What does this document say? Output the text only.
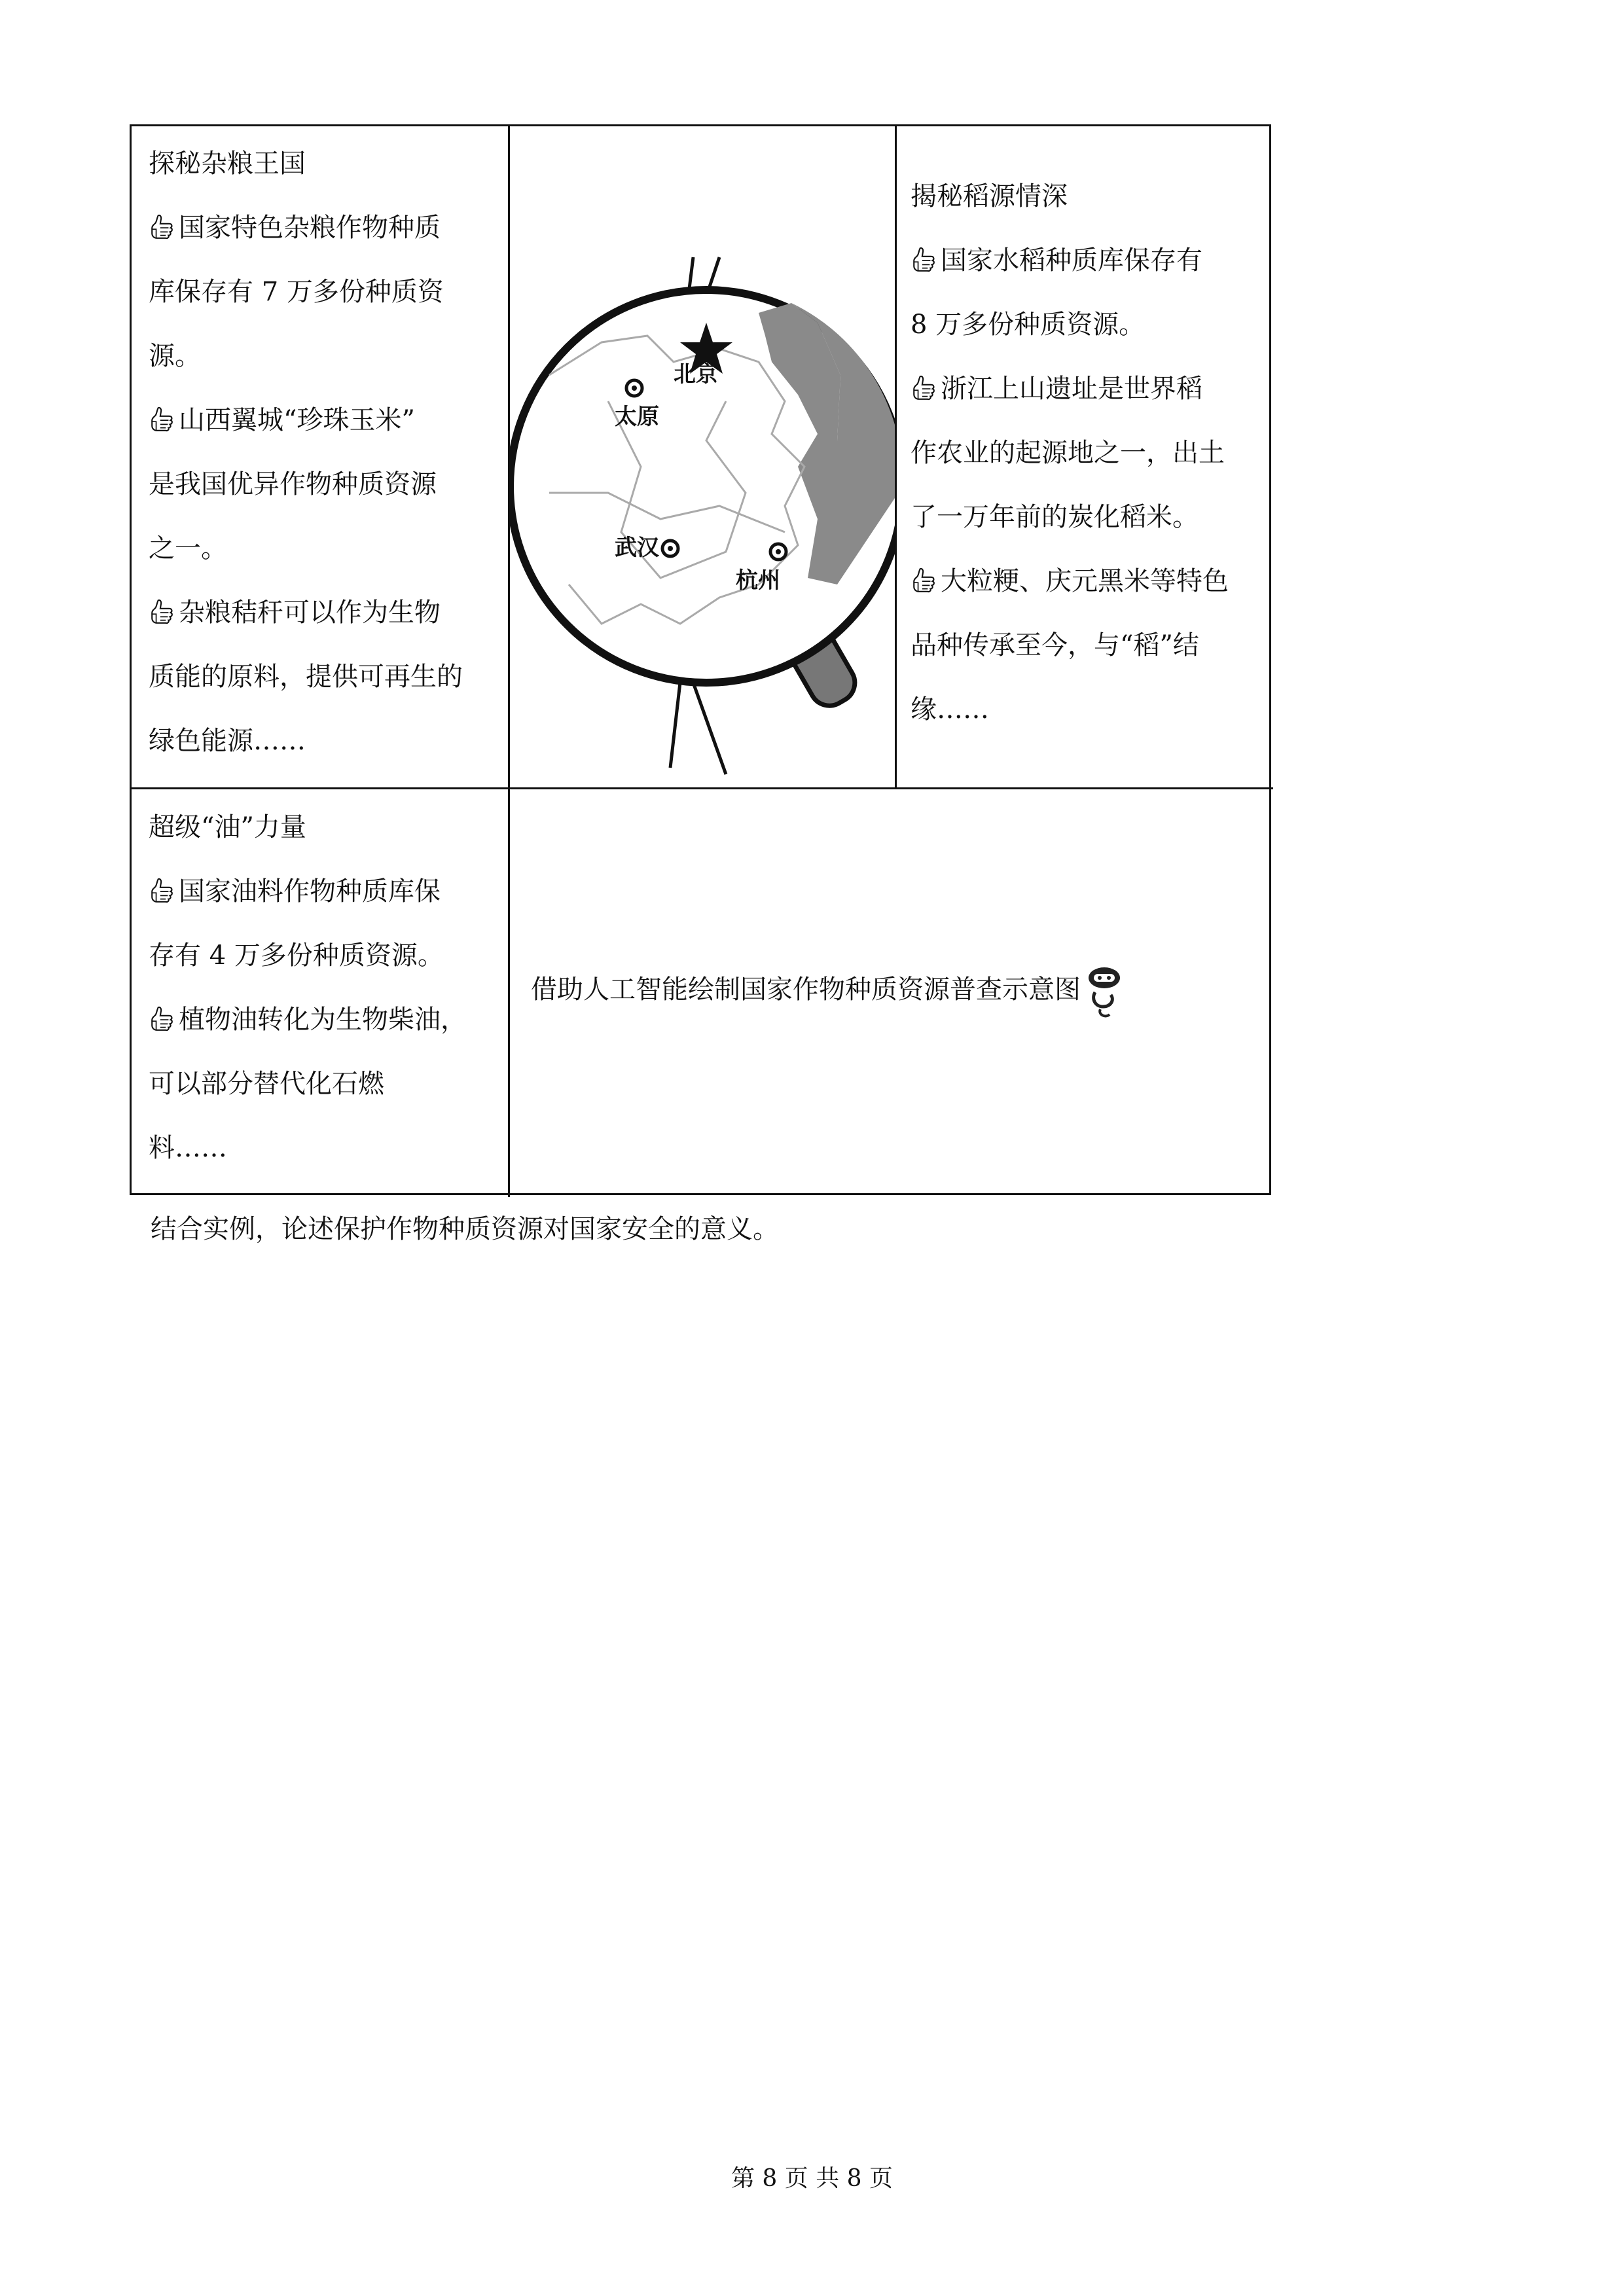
探秘杂粮王国
国家特色杂粮作物种质
库保存有 7 万多份种质资
源。
山西翼城“珍珠玉米”
是我国优异作物种质资源
之一。
杂粮秸秆可以作为生物
质能的原料，提供可再生的
绿色能源……
北京
太原
武汉
杭州
揭秘稻源情深
国家水稻种质库保存有
8 万多份种质资源。
浙江上山遗址是世界稻
作农业的起源地之一，出土
了一万年前的炭化稻米。
大粒粳、庆元黑米等特色
品种传承至今，与“稻”结
缘……
超级“油”力量
国家油料作物种质库保
存有 4 万多份种质资源。
植物油转化为生物柴油，
可以部分替代化石燃
料……
借助人工智能绘制国家作物种质资源普查示意图
结合实例，论述保护作物种质资源对国家安全的意义。
第 8 页 共 8 页
